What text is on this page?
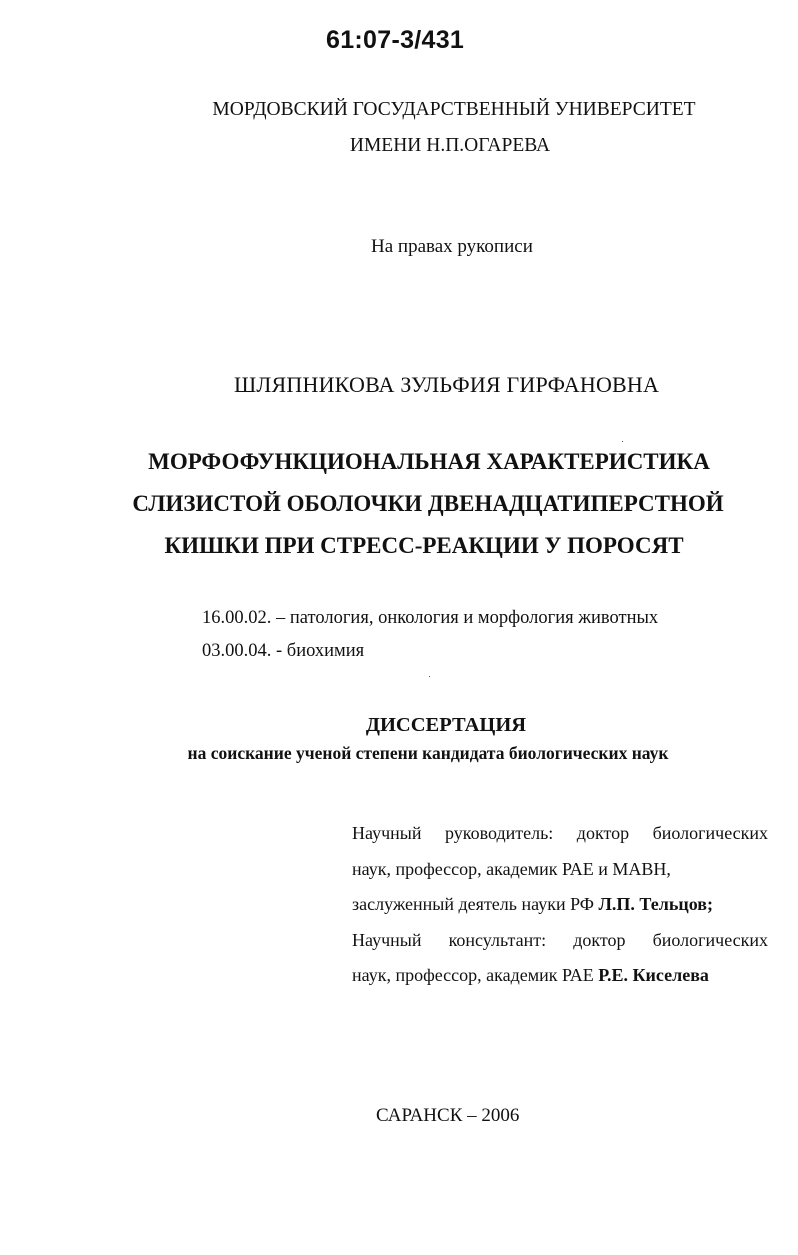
61:07-3/431
МОРДОВСКИЙ ГОСУДАРСТВЕННЫЙ УНИВЕРСИТЕТ
ИМЕНИ Н.П.ОГАРЕВА
На правах рукописи
ШЛЯПНИКОВА ЗУЛЬФИЯ ГИРФАНОВНА
МОРФОФУНКЦИОНАЛЬНАЯ ХАРАКТЕРИСТИКА
СЛИЗИСТОЙ ОБОЛОЧКИ ДВЕНАДЦАТИПЕРСТНОЙ
КИШКИ ПРИ СТРЕСС-РЕАКЦИИ У ПОРОСЯТ
16.00.02. – патология, онкология и морфология животных
03.00.04. - биохимия
ДИССЕРТАЦИЯ
на соискание ученой степени кандидата биологических наук
Научный руководитель: доктор биологических
наук, профессор, академик РАЕ и МАВН,
заслуженный деятель науки РФ Л.П. Тельцов;
Научный консультант: доктор биологических
наук, профессор, академик РАЕ Р.Е. Киселева
САРАНСК – 2006
